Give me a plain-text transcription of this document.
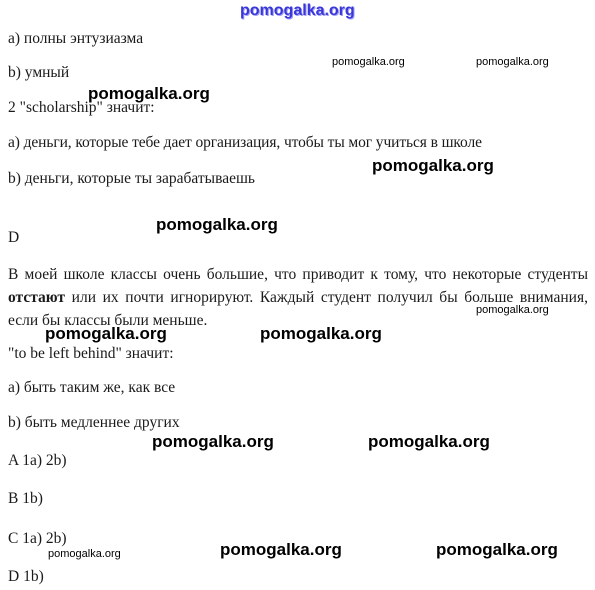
pomogalka.org
pomogalka.org	pomogalka.org
pomogalka.org
pomogalka.org
pomogalka.org
pomogalka.org
pomogalka.org	pomogalka.org
pomogalka.org	pomogalka.org
pomogalka.org	pomogalka.org
pomogalka.org
a) полны энтузиазма
b) умный
2 "scholarship" значит:
a) деньги, которые тебе дает организация, чтобы ты мог учиться в школе
b) деньги, которые ты зарабатываешь
D
В моей школе классы очень большие, что приводит к тому, что некоторые студенты отстают или их почти игнорируют. Каждый студент получил бы больше внимания, если бы классы были меньше.
"to be left behind" значит:
a) быть таким же, как все
b) быть медленнее других
A 1a) 2b)
B 1b)
C 1a) 2b)
D 1b)
